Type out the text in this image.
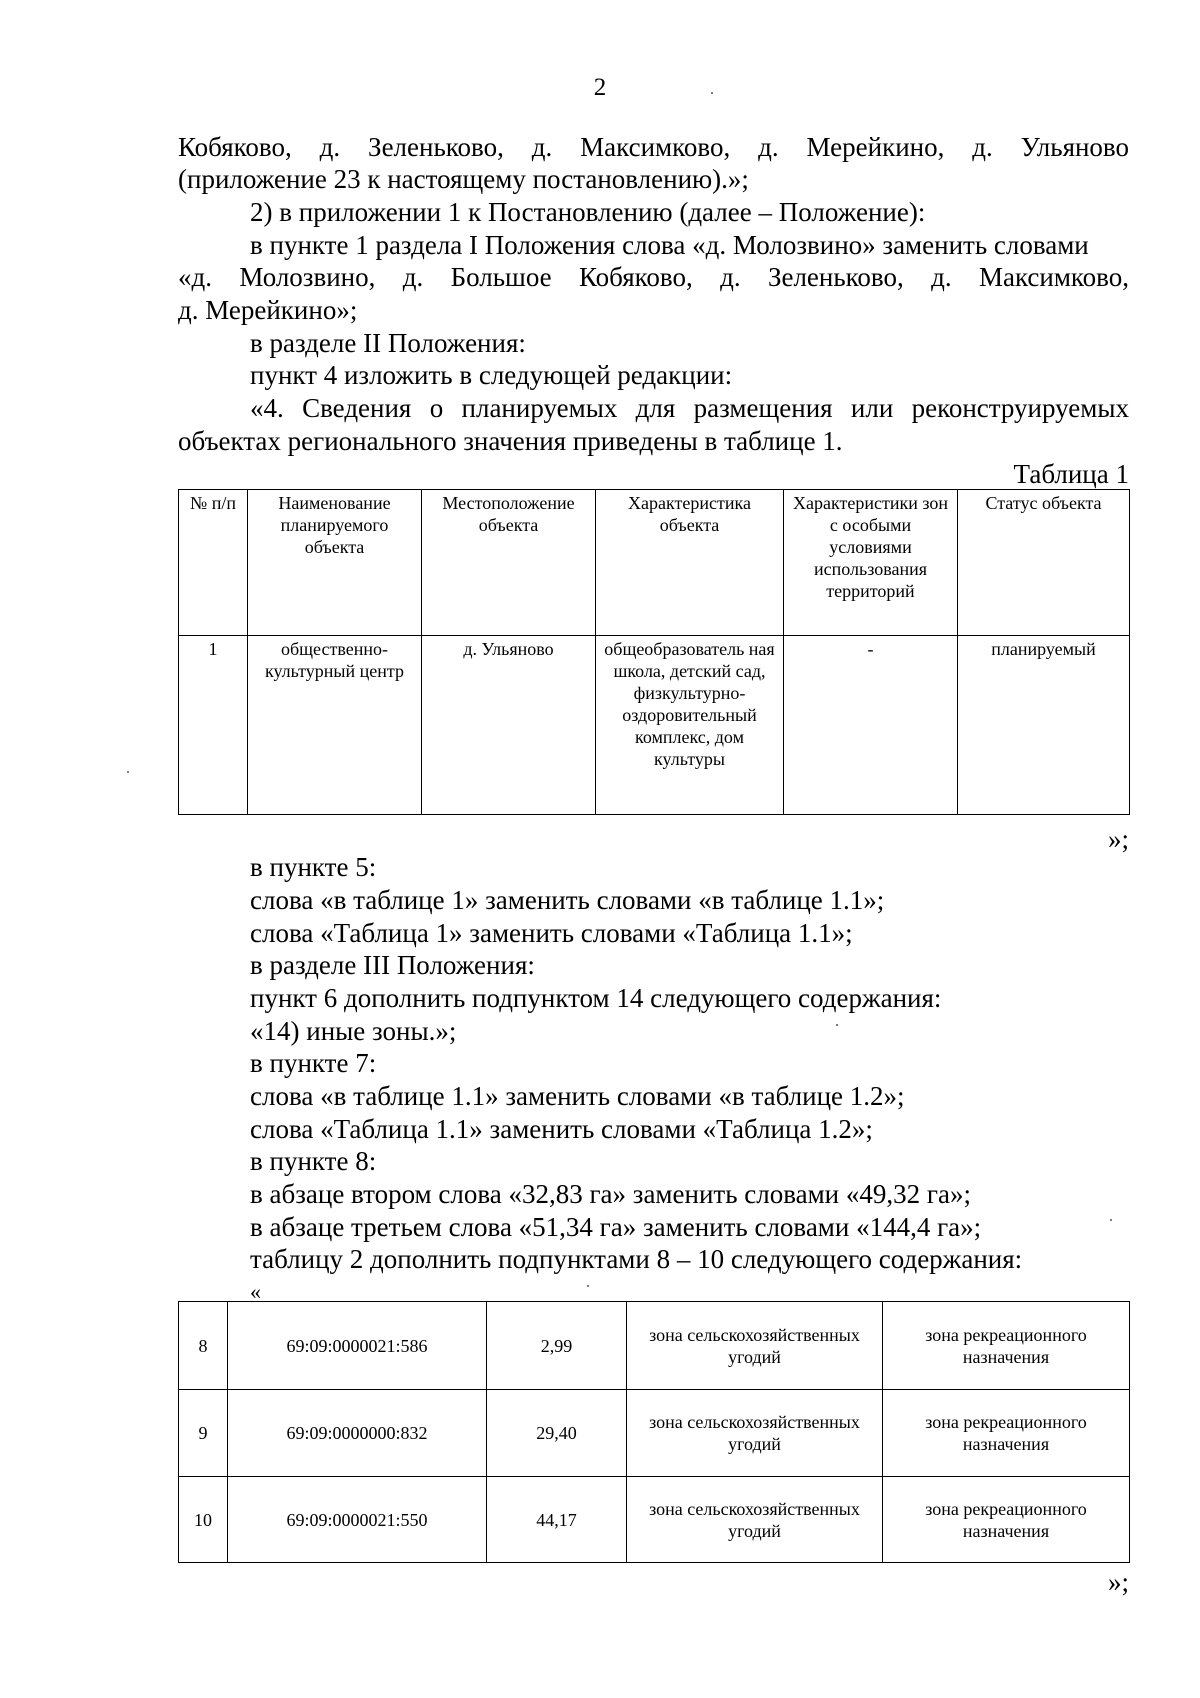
2
Кобяково, д. Зеленьково, д. Максимково, д. Мерейкино, д. Ульяново
(приложение 23 к настоящему постановлению).»;
2) в приложении 1 к Постановлению (далее – Положение):
в пункте 1 раздела I Положения слова «д. Молозвино» заменить словами
«д. Молозвино, д. Большое Кобяково, д. Зеленьково, д. Максимково,
д. Мерейкино»;
в разделе II Положения:
пункт 4 изложить в следующей редакции:
«4. Сведения о планируемых для размещения или реконструируемых
объектах регионального значения приведены в таблице 1.
Таблица 1
№ п/п	Наименование планируемого объекта	Местоположение объекта	Характеристика объекта	Характеристики зон с особыми условиями использования территорий	Статус объекта
1	общественно-культурный центр	д. Ульяново	общеобразователь ная школа, детский сад, физкультурно-оздоровительный комплекс, дом культуры	-	планируемый
»;
в пункте 5:
слова «в таблице 1» заменить словами «в таблице 1.1»;
слова «Таблица 1» заменить словами «Таблица 1.1»;
в разделе III Положения:
пункт 6 дополнить подпунктом 14 следующего содержания:
«14) иные зоны.»;
в пункте 7:
слова «в таблице 1.1» заменить словами «в таблице 1.2»;
слова «Таблица 1.1» заменить словами «Таблица 1.2»;
в пункте 8:
в абзаце втором слова «32,83 га» заменить словами «49,32 га»;
в абзаце третьем слова «51,34 га» заменить словами «144,4 га»;
таблицу 2 дополнить подпунктами 8 – 10 следующего содержания:
«
8	69:09:0000021:586	2,99	зона сельскохозяйственных угодий	зона рекреационного назначения
9	69:09:0000000:832	29,40	зона сельскохозяйственных угодий	зона рекреационного назначения
10	69:09:0000021:550	44,17	зона сельскохозяйственных угодий	зона рекреационного назначения
»;
